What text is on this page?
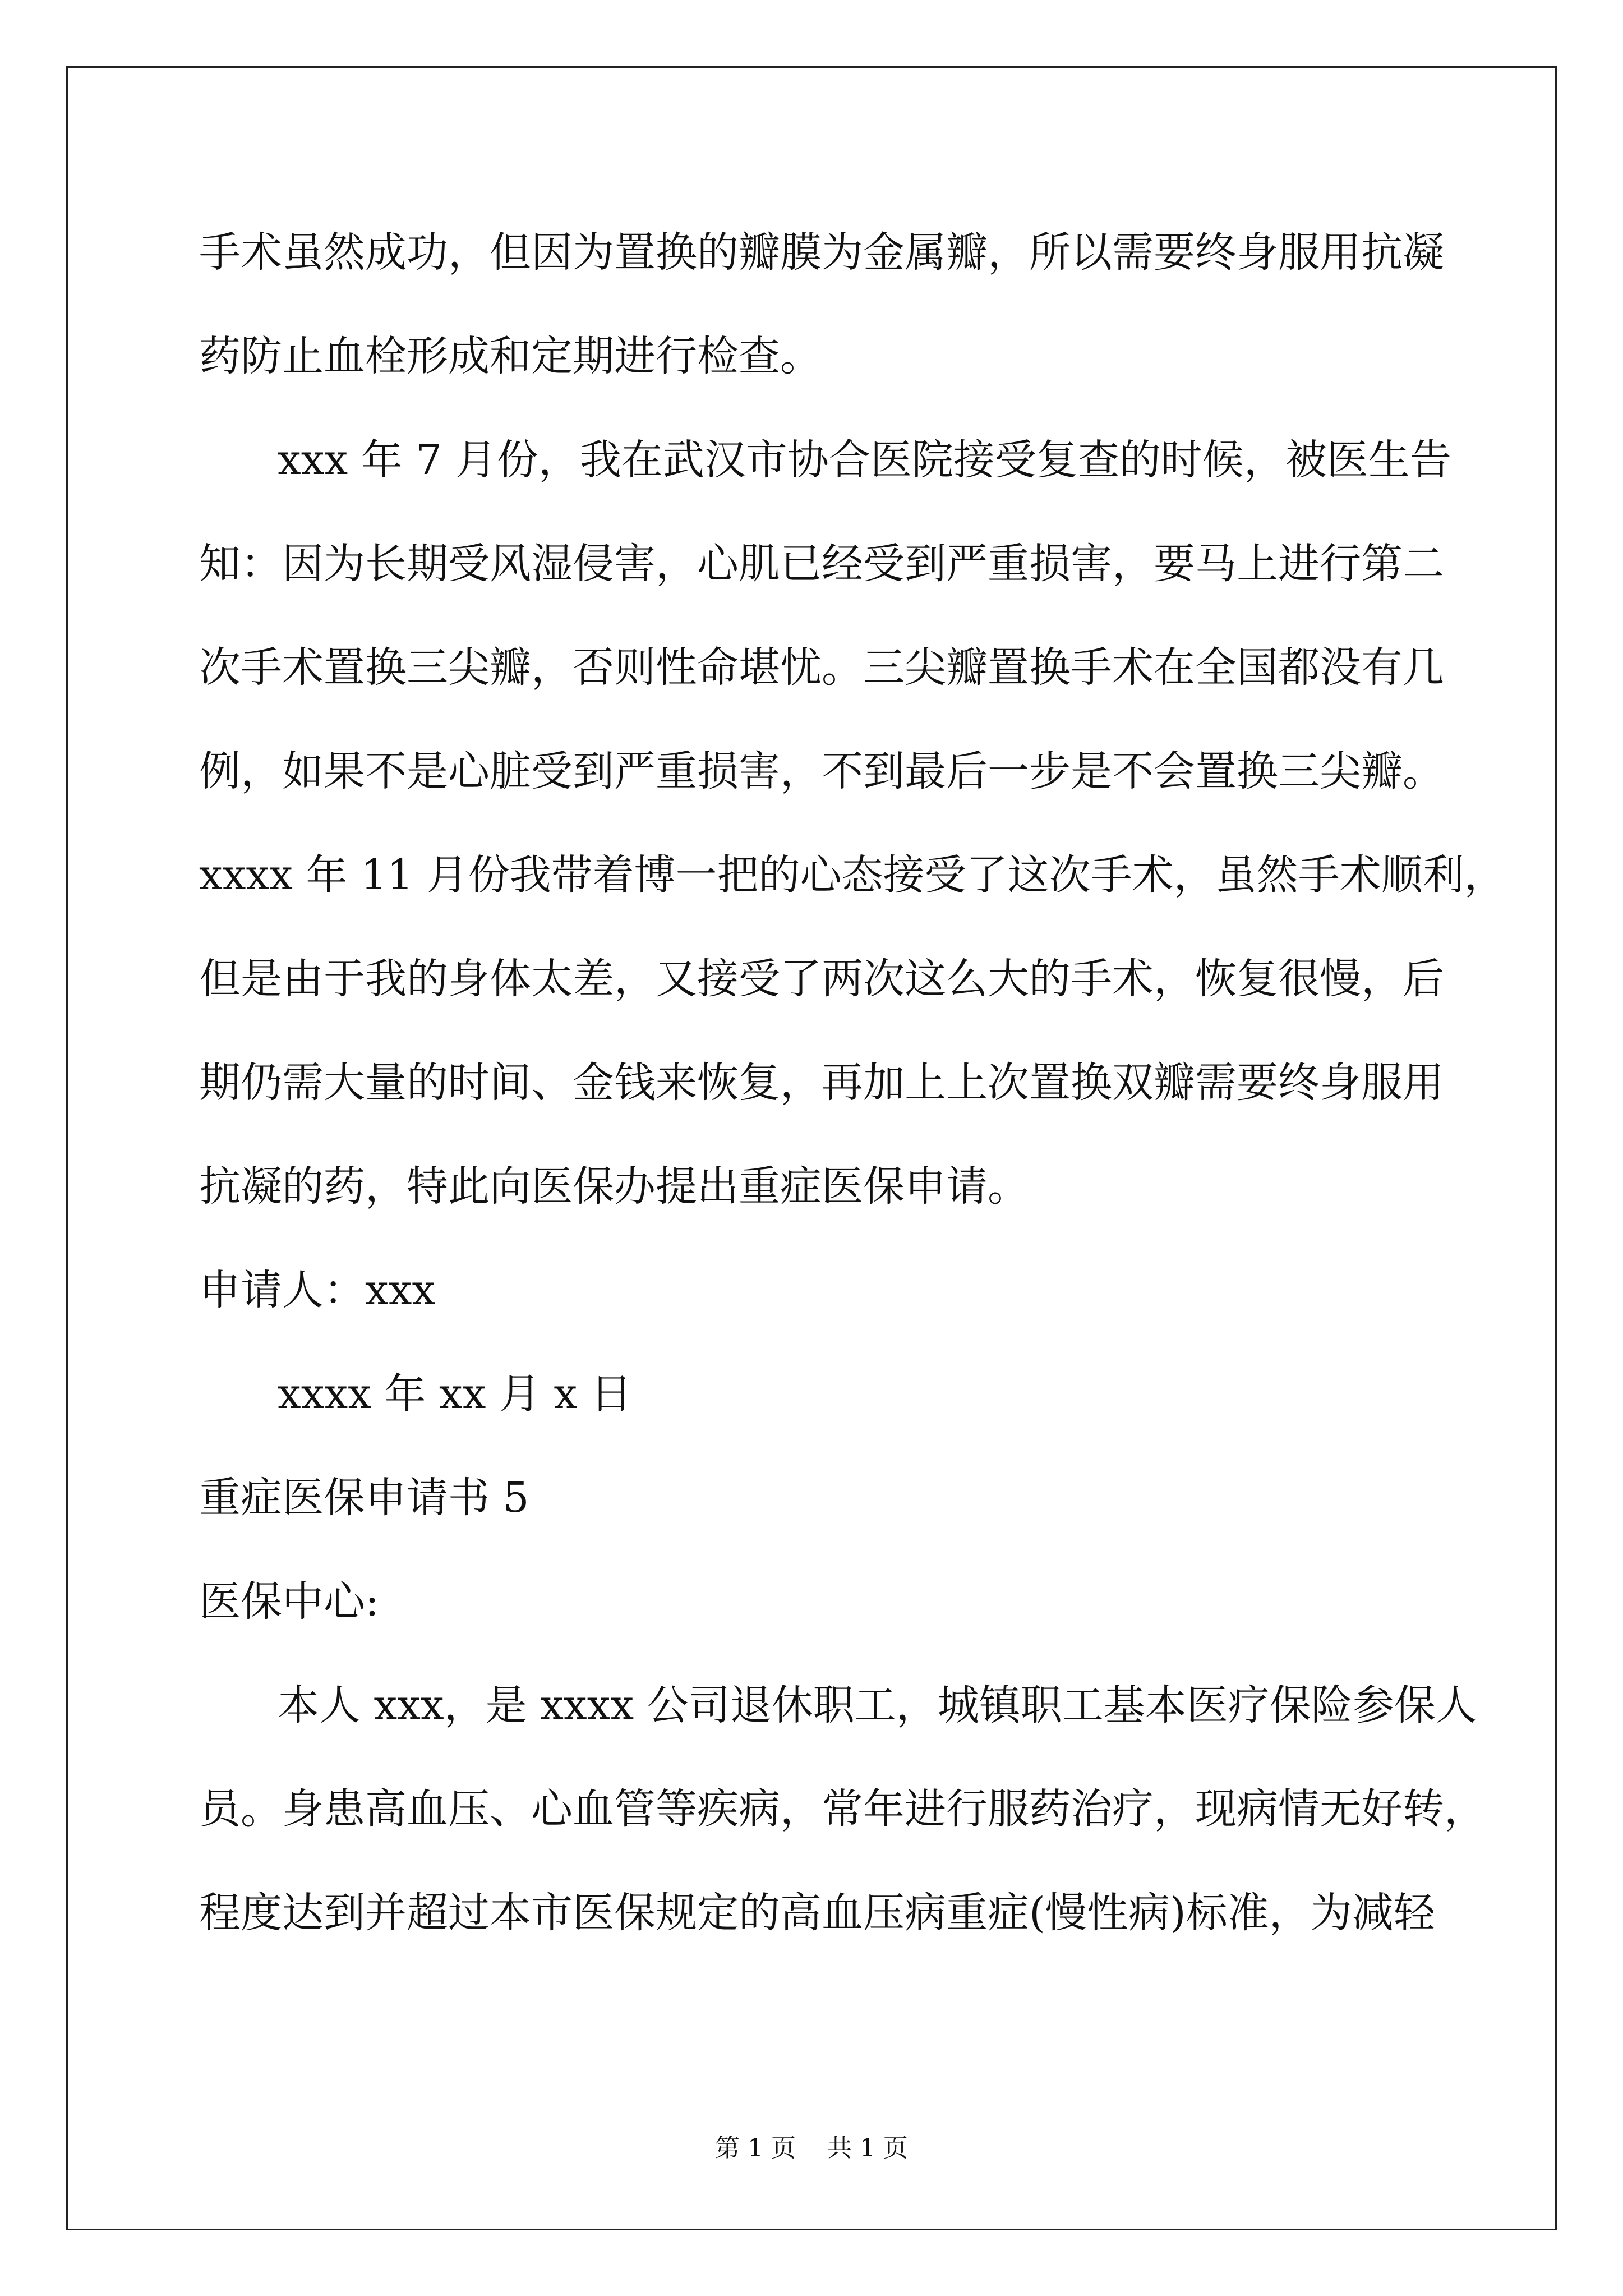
手术虽然成功，但因为置换的瓣膜为金属瓣，所以需要终身服用抗凝
药防止血栓形成和定期进行检查。
xxx 年 7 月份，我在武汉市协合医院接受复查的时候，被医生告
知：因为长期受风湿侵害，心肌已经受到严重损害，要马上进行第二
次手术置换三尖瓣，否则性命堪忧。三尖瓣置换手术在全国都没有几
例，如果不是心脏受到严重损害，不到最后一步是不会置换三尖瓣。
xxxx 年 11 月份我带着博一把的心态接受了这次手术，虽然手术顺利，
但是由于我的身体太差，又接受了两次这么大的手术，恢复很慢，后
期仍需大量的时间、金钱来恢复，再加上上次置换双瓣需要终身服用
抗凝的药，特此向医保办提出重症医保申请。
申请人：xxx
xxxx 年 xx 月 x 日
重症医保申请书 5
医保中心:
本人 xxx，是 xxxx 公司退休职工，城镇职工基本医疗保险参保人
员。身患高血压、心血管等疾病，常年进行服药治疗，现病情无好转，
程度达到并超过本市医保规定的高血压病重症(慢性病)标准，为减轻
第 1 页    共 1 页
